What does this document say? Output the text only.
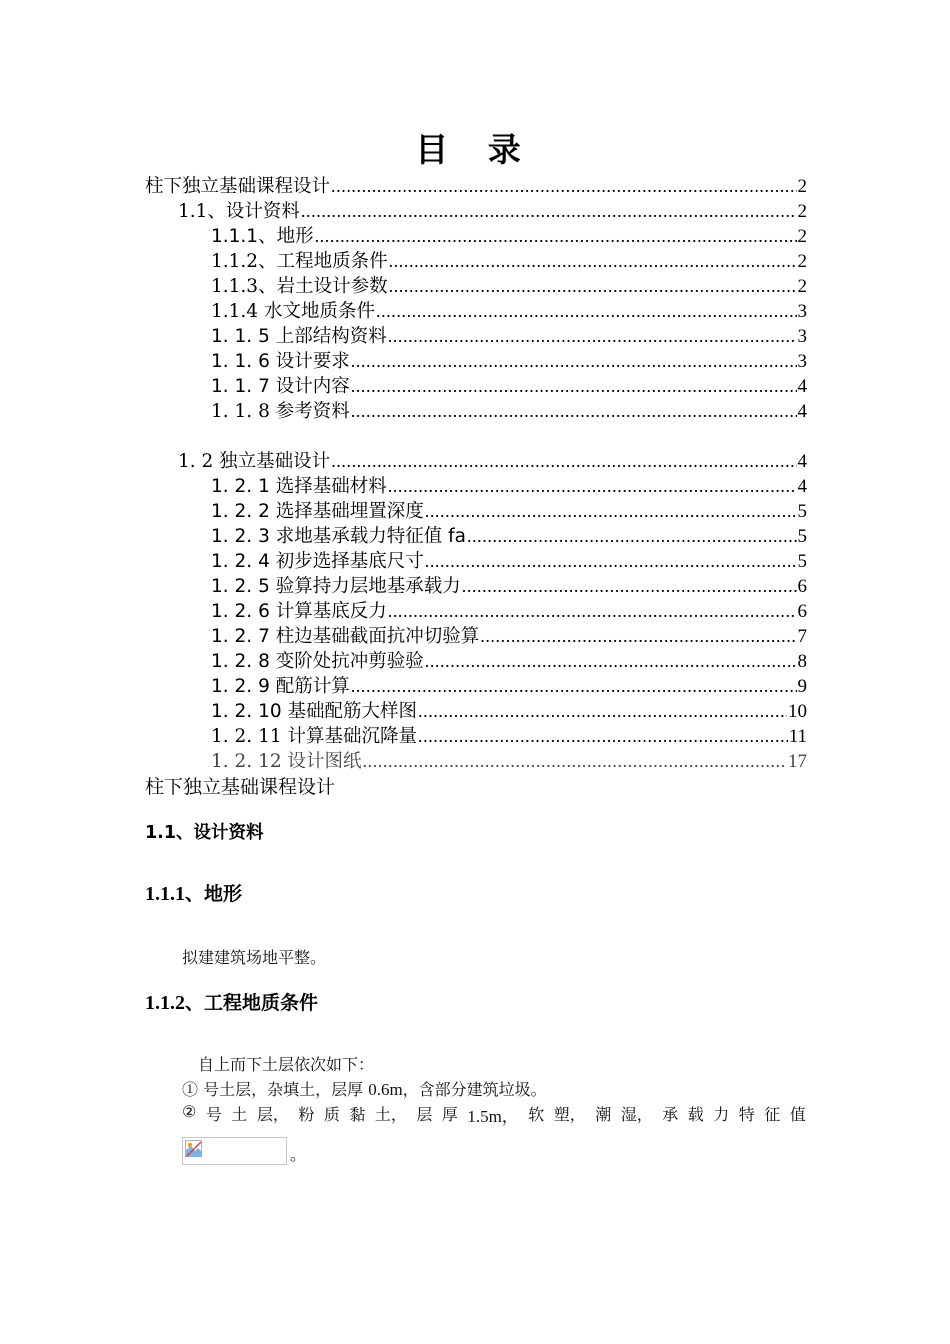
目 录
柱下独立基础课程设计 .....	2
1.1、设计资料 .....	2
1.1.1、地形 .....	2
1.1.2、工程地质条件 .....	2
1.1.3、岩土设计参数 .....	2
1.1.4 水文地质条件 .....	3
1. 1. 5 上部结构资料 .....	3
1. 1. 6 设计要求 .....	3
1. 1. 7 设计内容 .....	4
1. 1. 8 参考资料 .....	4
1. 2 独立基础设计 .....	4
1. 2. 1 选择基础材料 .....	4
1. 2. 2 选择基础埋置深度 .....	5
1. 2. 3 求地基承载力特征值 fa .....	5
1. 2. 4 初步选择基底尺寸 .....	5
1. 2. 5 验算持力层地基承载力 .....	6
1. 2. 6 计算基底反力 .....	6
1. 2. 7 柱边基础截面抗冲切验算 .....	7
1. 2. 8 变阶处抗冲剪验验 .....	8
1. 2. 9 配筋计算 .....	9
1. 2. 10 基础配筋大样图 .....	10
1. 2. 11 计算基础沉降量 .....	11
1. 2. 12 设计图纸 .....	17
柱下独立基础课程设计
1.1、设计资料
1.1.1、地形
拟建建筑场地平整。
1.1.2、工程地质条件
自上而下土层依次如下：
① 号土层，杂填土，层厚 0.6m，含部分建筑垃圾。
② 号 土 层， 粉 质 黏 土， 层 厚 1.5m， 软 塑， 潮 湿， 承 载 力 特 征 值
。
